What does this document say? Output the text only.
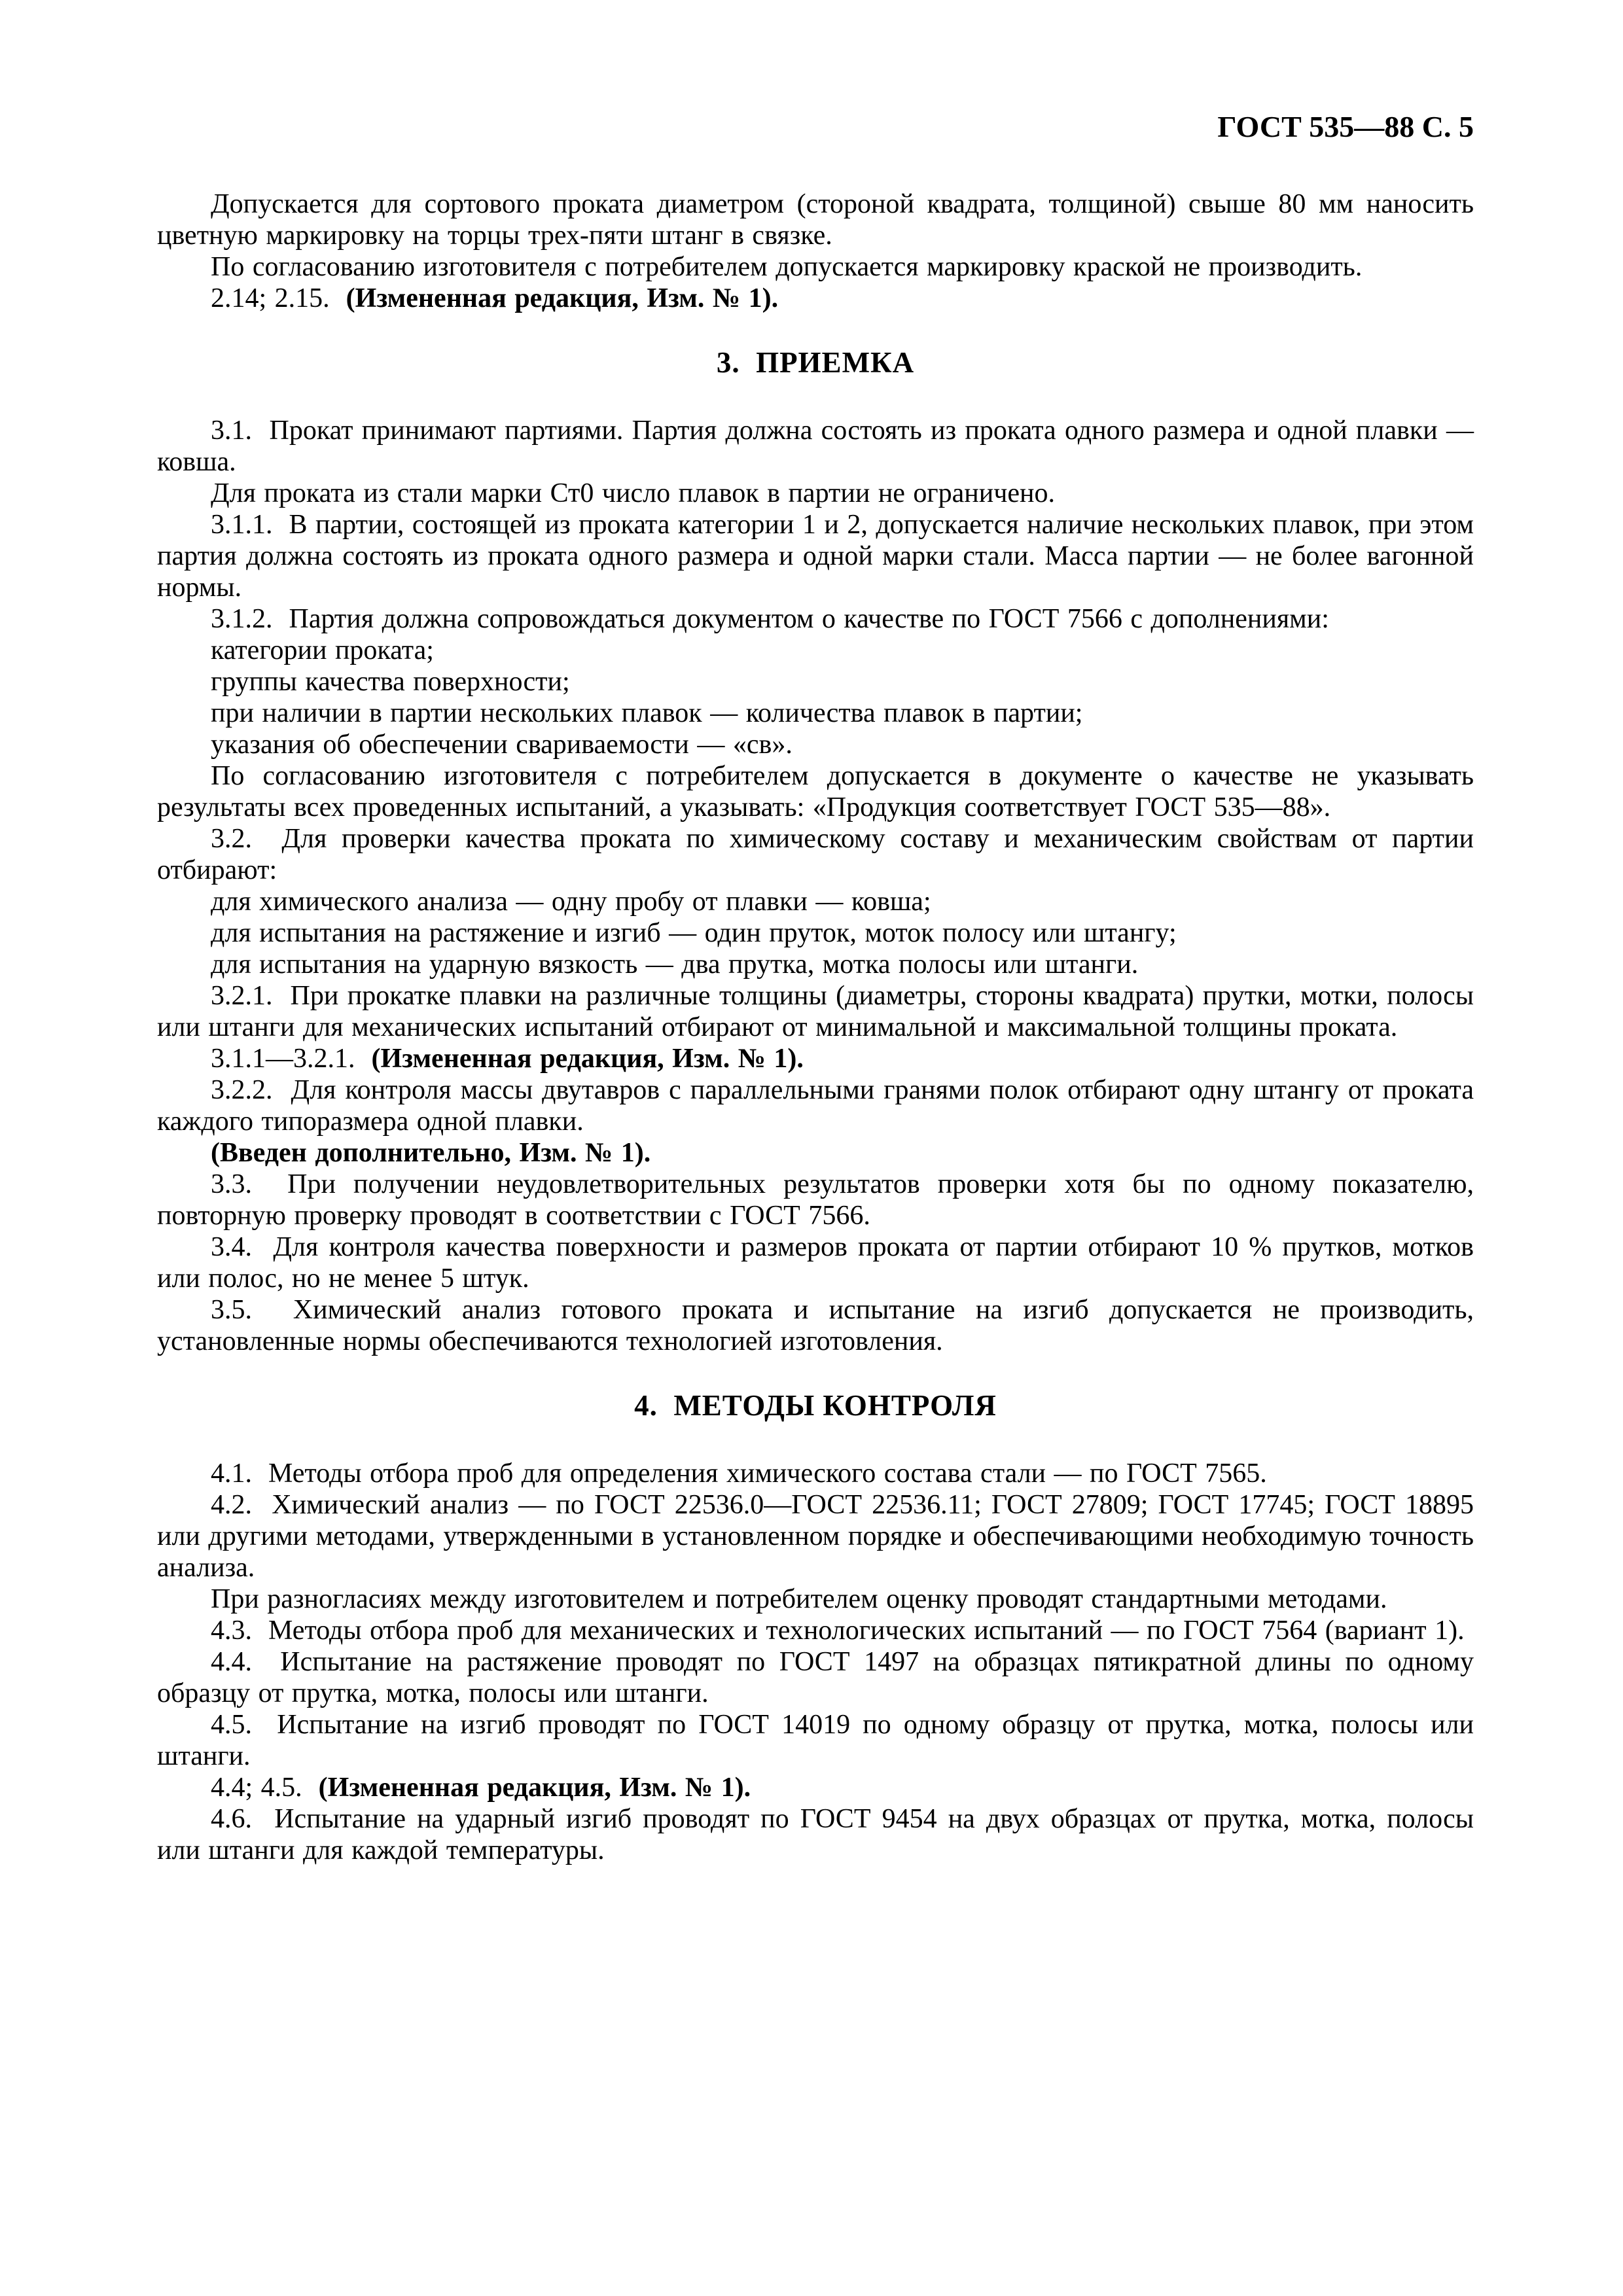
ГОСТ 535—88 С. 5

Допускается для сортового проката диаметром (стороной квадрата, толщиной) свыше 80 мм наносить цветную маркировку на торцы трех-пяти штанг в связке.

По согласованию изготовителя с потребителем допускается маркировку краской не производить.

2.14; 2.15.  (Измененная редакция, Изм. № 1).

3.  ПРИЕМКА

3.1.  Прокат принимают партиями. Партия должна состоять из проката одного размера и одной плавки — ковша.

Для проката из стали марки Ст0 число плавок в партии не ограничено.

3.1.1.  В партии, состоящей из проката категории 1 и 2, допускается наличие нескольких плавок, при этом партия должна состоять из проката одного размера и одной марки стали. Масса партии — не более вагонной нормы.

3.1.2.  Партия должна сопровождаться документом о качестве по ГОСТ 7566 с дополнениями:

категории проката;

группы качества поверхности;

при наличии в партии нескольких плавок — количества плавок в партии;

указания об обеспечении свариваемости — «св».

По согласованию изготовителя с потребителем допускается в документе о качестве не указывать результаты всех проведенных испытаний, а указывать: «Продукция соответствует ГОСТ 535—88».

3.2.  Для проверки качества проката по химическому составу и механическим свойствам от партии отбирают:

для химического анализа — одну пробу от плавки — ковша;

для испытания на растяжение и изгиб — один пруток, моток полосу или штангу;

для испытания на ударную вязкость — два прутка, мотка полосы или штанги.

3.2.1.  При прокатке плавки на различные толщины (диаметры, стороны квадрата) прутки, мотки, полосы или штанги для механических испытаний отбирают от минимальной и максимальной толщины проката.

3.1.1—3.2.1.  (Измененная редакция, Изм. № 1).

3.2.2.  Для контроля массы двутавров с параллельными гранями полок отбирают одну штангу от проката каждого типоразмера одной плавки.

(Введен дополнительно, Изм. № 1).

3.3.  При получении неудовлетворительных результатов проверки хотя бы по одному показателю, повторную проверку проводят в соответствии с ГОСТ 7566.

3.4.  Для контроля качества поверхности и размеров проката от партии отбирают 10 % прутков, мотков или полос, но не менее 5 штук.

3.5.  Химический анализ готового проката и испытание на изгиб допускается не производить, установленные нормы обеспечиваются технологией изготовления.

4.  МЕТОДЫ КОНТРОЛЯ

4.1.  Методы отбора проб для определения химического состава стали — по ГОСТ 7565.

4.2.  Химический анализ — по ГОСТ 22536.0—ГОСТ 22536.11; ГОСТ 27809; ГОСТ 17745; ГОСТ 18895 или другими методами, утвержденными в установленном порядке и обеспечивающими необходимую точность анализа.

При разногласиях между изготовителем и потребителем оценку проводят стандартными методами.

4.3.  Методы отбора проб для механических и технологических испытаний — по ГОСТ 7564 (вариант 1).

4.4.  Испытание на растяжение проводят по ГОСТ 1497 на образцах пятикратной длины по одному образцу от прутка, мотка, полосы или штанги.

4.5.  Испытание на изгиб проводят по ГОСТ 14019 по одному образцу от прутка, мотка, полосы или штанги.

4.4; 4.5.  (Измененная редакция, Изм. № 1).

4.6.  Испытание на ударный изгиб проводят по ГОСТ 9454 на двух образцах от прутка, мотка, полосы или штанги для каждой температуры.
